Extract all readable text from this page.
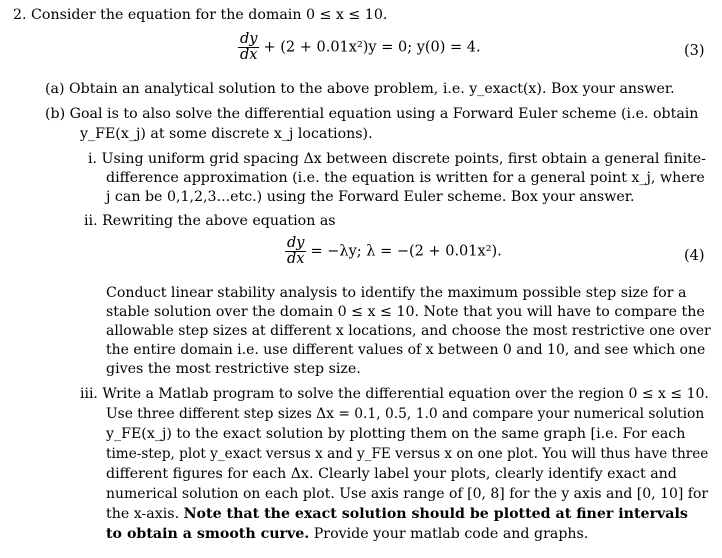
2. Consider the equation for the domain 0 ≤ x ≤ 10.
$\frac{dy}{dx} + (2 + 0.01x^2)y = 0$; y(0) = 4.	(3)
(a) Obtain an analytical solution to the above problem, i.e. y_exact(x). Box your answer.
(b) Goal is to also solve the differential equation using a Forward Euler scheme (i.e. obtain
y_FE(x_j) at some discrete x_j locations).
i. Using uniform grid spacing Δx between discrete points, first obtain a general finite-
difference approximation (i.e. the equation is written for a general point x_j, where
j can be 0,1,2,3...etc.) using the Forward Euler scheme. Box your answer.
ii. Rewriting the above equation as
$\frac{dy}{dx} = -\lambda y$; λ = −(2 + 0.01x²).	(4)
Conduct linear stability analysis to identify the maximum possible step size for a
stable solution over the domain 0 ≤ x ≤ 10. Note that you will have to compare the
allowable step sizes at different x locations, and choose the most restrictive one over
the entire domain i.e. use different values of x between 0 and 10, and see which one
gives the most restrictive step size.
iii. Write a Matlab program to solve the differential equation over the region 0 ≤ x ≤ 10.
Use three different step sizes Δx = 0.1, 0.5, 1.0 and compare your numerical solution
y_FE(x_j) to the exact solution by plotting them on the same graph [i.e. For each
time-step, plot y_exact versus x and y_FE versus x on one plot. You will thus have three
different figures for each Δx. Clearly label your plots, clearly identify exact and
numerical solution on each plot. Use axis range of [0, 8] for the y axis and [0, 10] for
the x-axis. Note that the exact solution should be plotted at finer intervals
to obtain a smooth curve. Provide your matlab code and graphs.
